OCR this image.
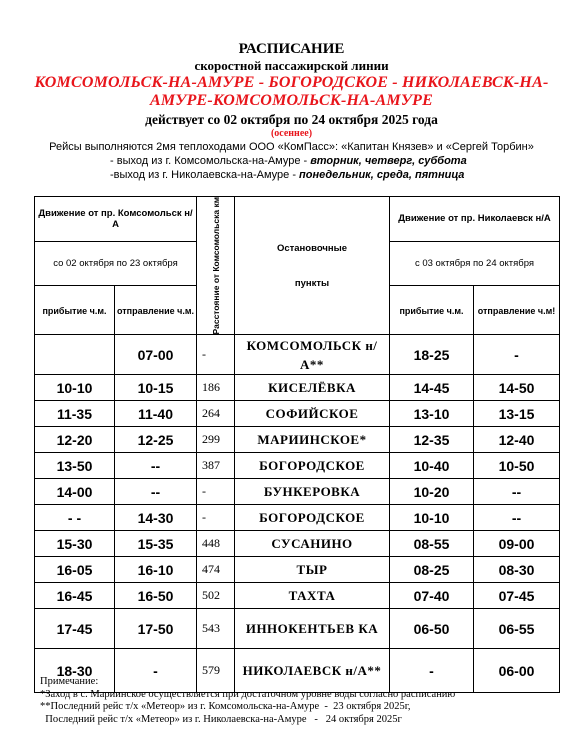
РАСПИСАНИЕ
скоростной пассажирской линии
КОМСОМОЛЬСК-НА-АМУРЕ - БОГОРОДСКОЕ - НИКОЛАЕВСК-НА-
АМУРЕ-КОМСОМОЛЬСК-НА-АМУРЕ
действует со 02 октября по 24 октября 2025 года
(осеннее)
Рейсы выполняются 2мя теплоходами ООО «КомПасс»: «Капитан Князев» и «Сергей Торбин»
- выход из г. Комсомольска-на-Амуре - вторник, четверг, суббота
-выход из г. Николаевска-на-Амуре - понедельник, среда, пятница
Движение от пр. Комсомольск н/А		Расстояние от Комсомольска км	Остановочные
пункты	Движение от пр. Николаевск н/А	
со 02 октября по 23 октября				с 03 октября по 24 октября	
прибытие ч.м.	отправление ч.м.			прибытие ч.м.	отправление ч.м!
	07-00	-	КОМСОМОЛЬСК н/А**	18-25	-
10-10	10-15	186	КИСЕЛЁВКА	14-45	14-50
11-35	11-40	264	СОФИЙСКОЕ	13-10	13-15
12-20	12-25	299	МАРИИНСКОЕ*	12-35	12-40
13-50	--	387	БОГОРОДСКОЕ	10-40	10-50
14-00	--	-	БУНКЕРОВКА	10-20	--
- -	14-30	-	БОГОРОДСКОЕ	10-10	--
15-30	15-35	448	СУСАНИНО	08-55	09-00
16-05	16-10	474	ТЫР	08-25	08-30
16-45	16-50	502	ТАХТА	07-40	07-45
17-45	17-50	543	ИННОКЕНТЬЕВ КА	06-50	06-55
18-30	-	579	НИКОЛАЕВСК н/А**	-	06-00
Примечание:
*Заход в с. Мариинское осуществляется при достаточном уровне воды согласно расписанию
**Последний рейс т/х «Метеор» из г. Комсомольска-на-Амуре  -  23 октября 2025г,
Последний рейс т/х «Метеор» из г. Николаевска-на-Амуре   -   24 октября 2025г
